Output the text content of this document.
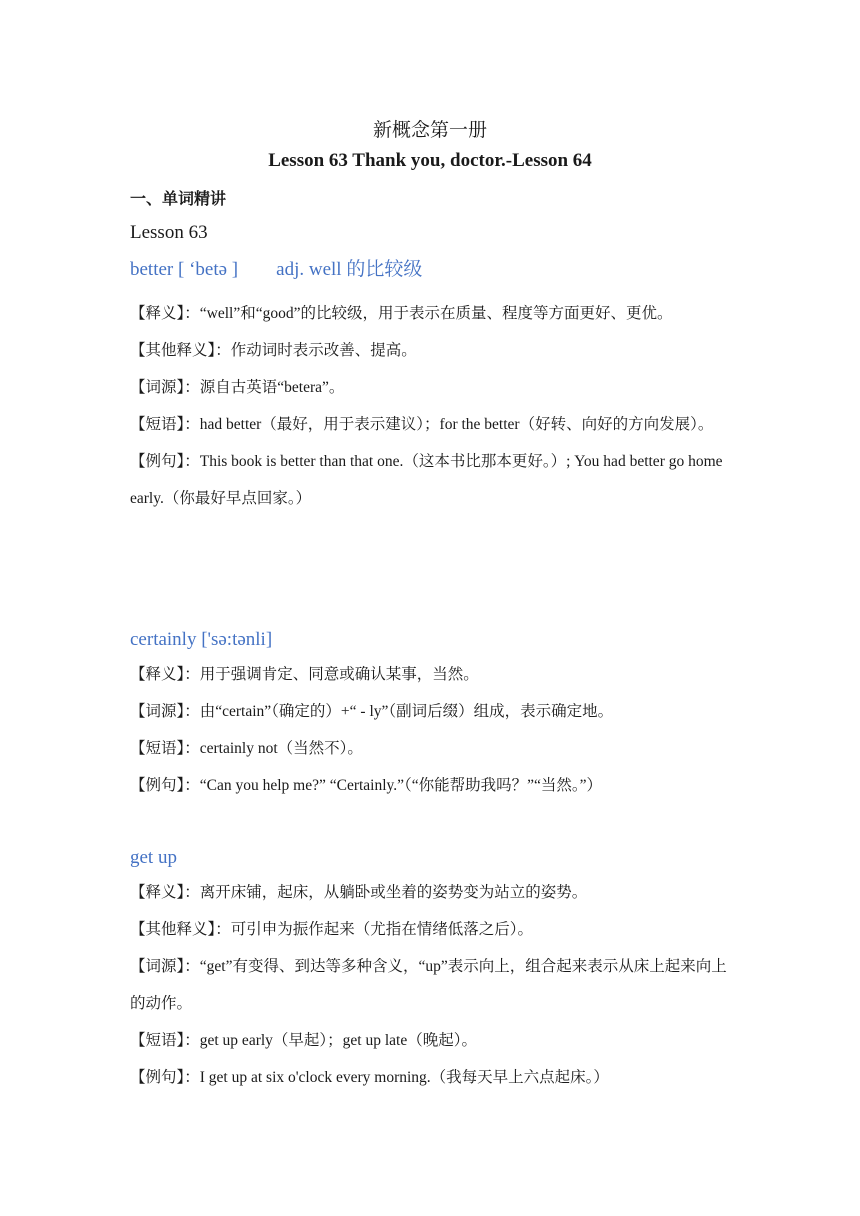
新概念第一册
Lesson 63 Thank you, doctor.-Lesson 64
一、单词精讲
Lesson 63
better [ ‘betə ] adj. well 的比较级
【释义】：“well”和“good”的比较级，用于表示在质量、程度等方面更好、更优。
【其他释义】：作动词时表示改善、提高。
【词源】：源自古英语“betera”。
【短语】：had better（最好，用于表示建议）；for the better（好转、向好的方向发展）。
【例句】：This book is better than that one.（这本书比那本更好。）; You had better go home early.（你最好早点回家。）
certainly ['sə:tənli]
【释义】：用于强调肯定、同意或确认某事，当然。
【词源】：由“certain”（确定的）+“ - ly”（副词后缀）组成，表示确定地。
【短语】：certainly not（当然不）。
【例句】：“Can you help me?” “Certainly.”（“你能帮助我吗？”“当然。”）
get up
【释义】：离开床铺，起床，从躺卧或坐着的姿势变为站立的姿势。
【其他释义】：可引申为振作起来（尤指在情绪低落之后）。
【词源】：“get”有变得、到达等多种含义，“up”表示向上，组合起来表示从床上起来向上的动作。
【短语】：get up early（早起）；get up late（晚起）。
【例句】：I get up at six o'clock every morning.（我每天早上六点起床。）
